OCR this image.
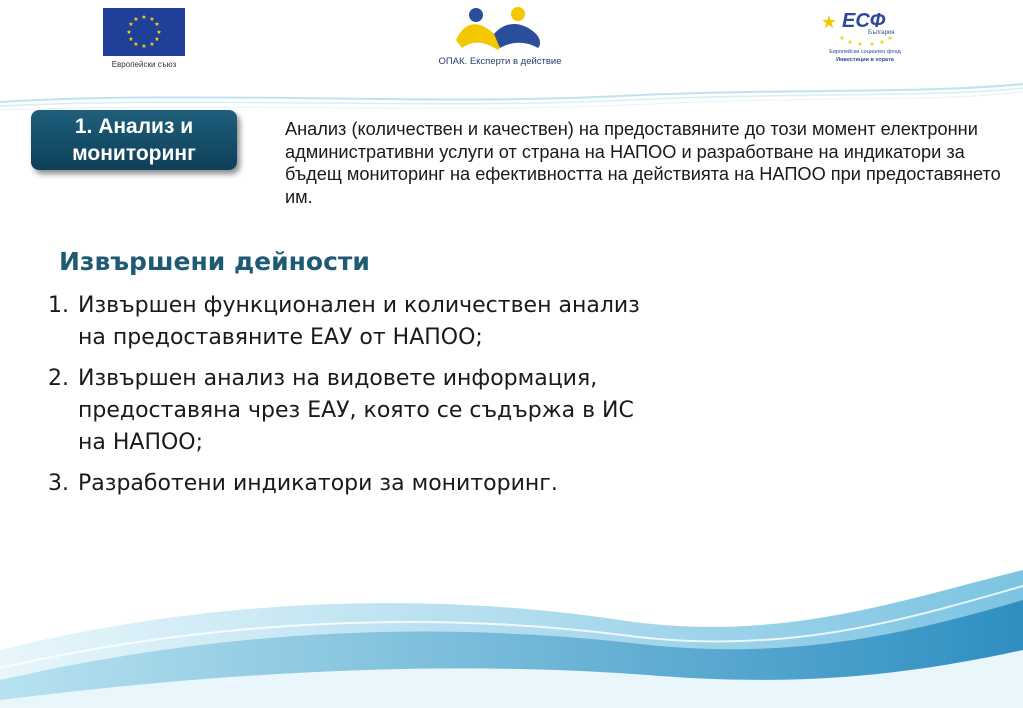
★ ★
★
★
★
★
★
★
★
★
★
★
Европейски съюз	ОПАК. Експерти в действие
★
★
★ ★ ★ ★
★
ЕСФ
България
Европейски социален фонд
Инвестиции в хората
1. Анализ и
мониторинг
Анализ (количествен и качествен) на предоставяните до този момент електронни административни услуги от страна на НАПОО и разработване на индикатори за бъдещ мониторинг на ефективността на действията на НАПОО при предоставянето им.
Извършени дейности
1. Извършен функционален и количествен анализ на предоставяните ЕАУ от НАПОО;
2. Извършен анализ на видовете информация, предоставяна чрез ЕАУ, която се съдържа в ИС на НАПОО;
3. Разработени индикатори за мониторинг.
